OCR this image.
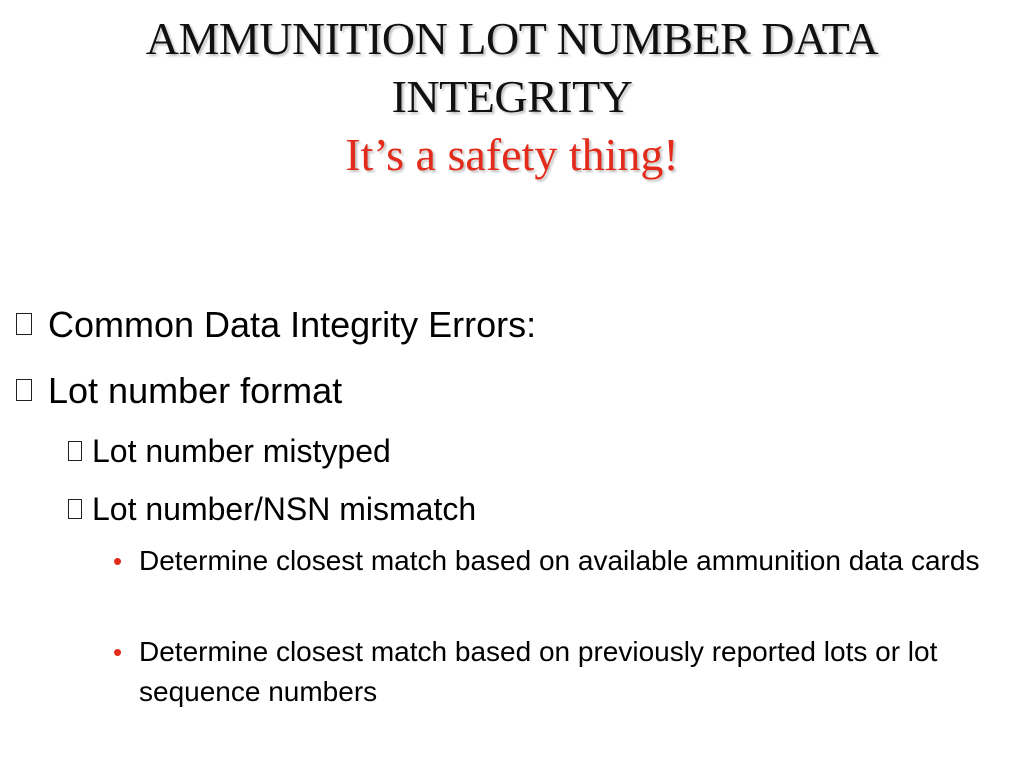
AMMUNITION LOT NUMBER DATA
INTEGRITY
It’s a safety thing!
Common Data Integrity Errors:
Lot number format
Lot number mistyped
Lot number/NSN mismatch
• Determine closest match based on available ammunition data cards
• Determine closest match based on previously reported lots or lot sequence numbers
